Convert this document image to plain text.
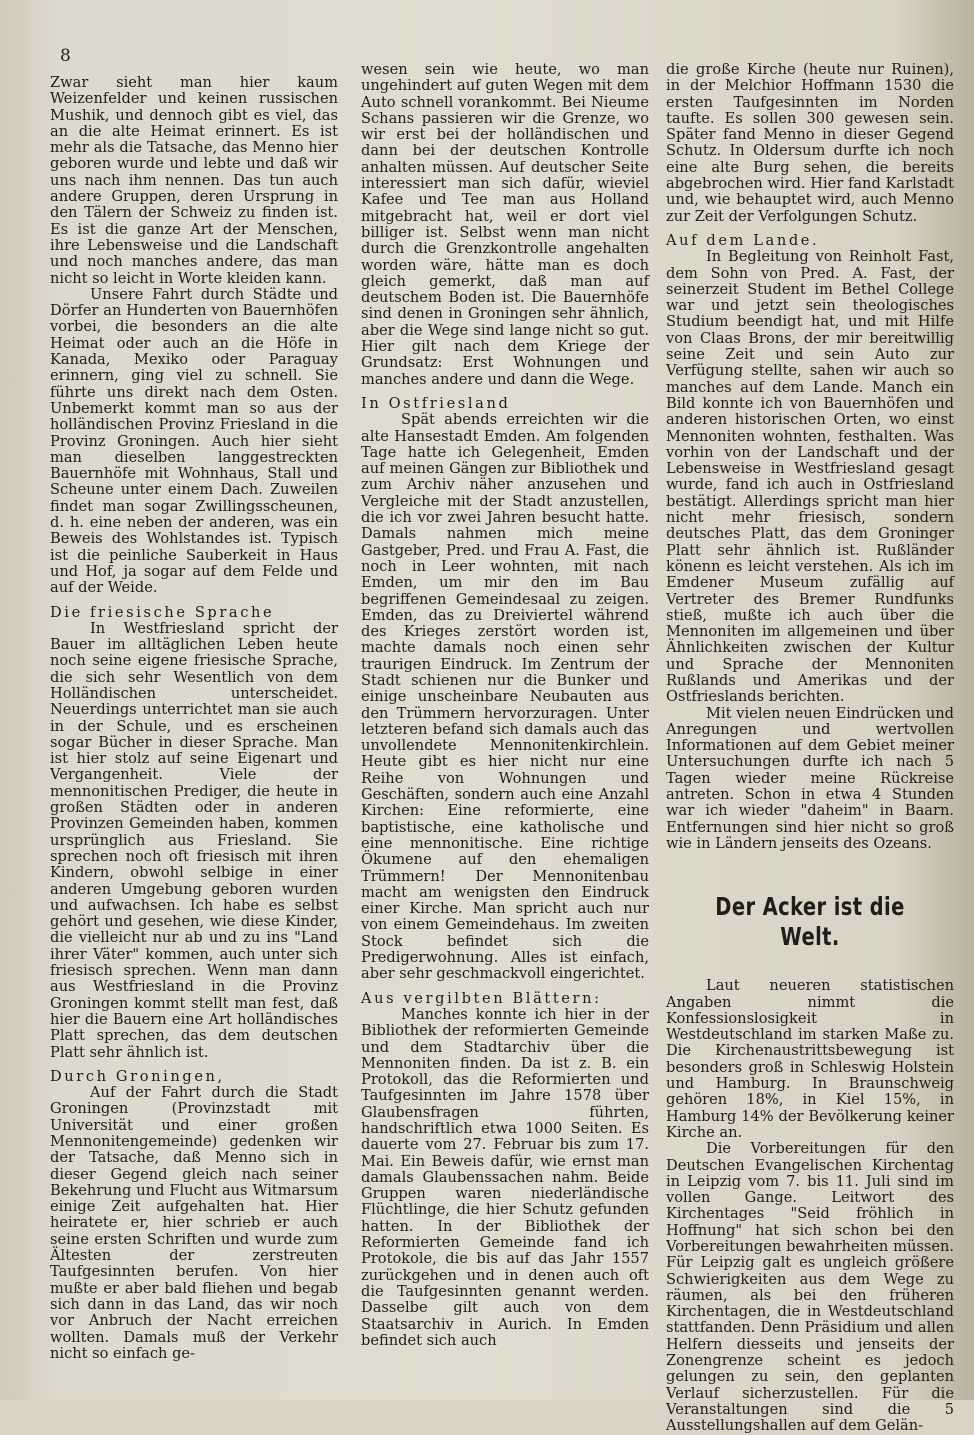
8

Zwar sieht man hier kaum Weizenfelder und keinen russischen Mushik, und dennoch gibt es viel, das an die alte Heimat erinnert. Es ist mehr als die Tatsache, das Menno hier geboren wurde und lebte und daß wir uns nach ihm nennen. Das tun auch andere Gruppen, deren Ursprung in den Tälern der Schweiz zu finden ist. Es ist die ganze Art der Menschen, ihre Lebensweise und die Landschaft und noch manches andere, das man nicht so leicht in Worte kleiden kann.

Unsere Fahrt durch Städte und Dörfer an Hunderten von Bauernhöfen vorbei, die besonders an die alte Heimat oder auch an die Höfe in Kanada, Mexiko oder Paraguay erinnern, ging viel zu schnell. Sie führte uns direkt nach dem Osten. Unbemerkt kommt man so aus der holländischen Provinz Friesland in die Provinz Groningen. Auch hier sieht man dieselben langgestreckten Bauernhöfe mit Wohnhaus, Stall und Scheune unter einem Dach. Zuweilen findet man sogar Zwillingsscheunen, d. h. eine neben der anderen, was ein Beweis des Wohlstandes ist. Typisch ist die peinliche Sauberkeit in Haus und Hof, ja sogar auf dem Felde und auf der Weide.

Die friesische Sprache

In Westfriesland spricht der Bauer im alltäglichen Leben heute noch seine eigene friesische Sprache, die sich sehr Wesentlich von dem Holländischen unterscheidet. Neuerdings unterrichtet man sie auch in der Schule, und es erscheinen sogar Bücher in dieser Sprache. Man ist hier stolz auf seine Eigenart und Vergangenheit. Viele der mennonitischen Prediger, die heute in großen Städten oder in anderen Provinzen Gemeinden haben, kommen ursprünglich aus Friesland. Sie sprechen noch oft friesisch mit ihren Kindern, obwohl selbige in einer anderen Umgebung geboren wurden und aufwachsen. Ich habe es selbst gehört und gesehen, wie diese Kinder, die vielleicht nur ab und zu ins "Land ihrer Väter" kommen, auch unter sich friesisch sprechen. Wenn man dann aus Westfriesland in die Provinz Groningen kommt stellt man fest, daß hier die Bauern eine Art holländisches Platt sprechen, das dem deutschen Platt sehr ähnlich ist.

Durch Groningen,

Auf der Fahrt durch die Stadt Groningen (Provinzstadt mit Universität und einer großen Mennonitengemeinde) gedenken wir der Tatsache, daß Menno sich in dieser Gegend gleich nach seiner Bekehrung und Flucht aus Witmarsum einige Zeit aufgehalten hat. Hier heiratete er, hier schrieb er auch seine ersten Schriften und wurde zum Ältesten der zerstreuten Taufgesinnten berufen. Von hier mußte er aber bald fliehen und begab sich dann in das Land, das wir noch vor Anbruch der Nacht erreichen wollten. Damals muß der Verkehr nicht so einfach ge-

wesen sein wie heute, wo man ungehindert auf guten Wegen mit dem Auto schnell vorankommt. Bei Nieume Schans passieren wir die Grenze, wo wir erst bei der holländischen und dann bei der deutschen Kontrolle anhalten müssen. Auf deutscher Seite interessiert man sich dafür, wieviel Kafee und Tee man aus Holland mitgebracht hat, weil er dort viel billiger ist. Selbst wenn man nicht durch die Grenzkontrolle angehalten worden wäre, hätte man es doch gleich gemerkt, daß man auf deutschem Boden ist. Die Bauernhöfe sind denen in Groningen sehr ähnlich, aber die Wege sind lange nicht so gut. Hier gilt nach dem Kriege der Grundsatz: Erst Wohnungen und manches andere und dann die Wege.

In Ostfriesland

Spät abends erreichten wir die alte Hansestadt Emden. Am folgenden Tage hatte ich Gelegenheit, Emden auf meinen Gängen zur Bibliothek und zum Archiv näher anzusehen und Vergleiche mit der Stadt anzustellen, die ich vor zwei Jahren besucht hatte. Damals nahmen mich meine Gastgeber, Pred. und Frau A. Fast, die noch in Leer wohnten, mit nach Emden, um mir den im Bau begriffenen Gemeindesaal zu zeigen. Emden, das zu Dreiviertel während des Krieges zerstört worden ist, machte damals noch einen sehr traurigen Eindruck. Im Zentrum der Stadt schienen nur die Bunker und einige unscheinbare Neubauten aus den Trümmern hervorzuragen. Unter letzteren befand sich damals auch das unvollendete Mennonitenkirchlein. Heute gibt es hier nicht nur eine Reihe von Wohnungen und Geschäften, sondern auch eine Anzahl Kirchen: Eine reformierte, eine baptistische, eine katholische und eine mennonitische. Eine richtige Ökumene auf den ehemaligen Trümmern! Der Mennonitenbau macht am wenigsten den Eindruck einer Kirche. Man spricht auch nur von einem Gemeindehaus. Im zweiten Stock befindet sich die Predigerwohnung. Alles ist einfach, aber sehr geschmackvoll eingerichtet.

Aus vergilbten Blättern:

Manches konnte ich hier in der Bibliothek der reformierten Gemeinde und dem Stadtarchiv über die Mennoniten finden. Da ist z. B. ein Protokoll, das die Reformierten und Taufgesinnten im Jahre 1578 über Glaubensfragen führten, handschriftlich etwa 1000 Seiten. Es dauerte vom 27. Februar bis zum 17. Mai. Ein Beweis dafür, wie ernst man damals Glaubenssachen nahm. Beide Gruppen waren niederländische Flüchtlinge, die hier Schutz gefunden hatten. In der Bibliothek der Reformierten Gemeinde fand ich Protokole, die bis auf das Jahr 1557 zurückgehen und in denen auch oft die Taufgesinnten genannt werden. Dasselbe gilt auch von dem Staatsarchiv in Aurich. In Emden befindet sich auch

die große Kirche (heute nur Ruinen), in der Melchior Hoffmann 1530 die ersten Taufgesinnten im Norden taufte. Es sollen 300 gewesen sein. Später fand Menno in dieser Gegend Schutz. In Oldersum durfte ich noch eine alte Burg sehen, die bereits abgebrochen wird. Hier fand Karlstadt und, wie behauptet wird, auch Menno zur Zeit der Verfolgungen Schutz.

Auf dem Lande.

In Begleitung von Reinholt Fast, dem Sohn von Pred. A. Fast, der seinerzeit Student im Bethel College war und jetzt sein theologisches Studium beendigt hat, und mit Hilfe von Claas Brons, der mir bereitwillig seine Zeit und sein Auto zur Verfügung stellte, sahen wir auch so manches auf dem Lande. Manch ein Bild konnte ich von Bauernhöfen und anderen historischen Orten, wo einst Mennoniten wohnten, festhalten. Was vorhin von der Landschaft und der Lebensweise in Westfriesland gesagt wurde, fand ich auch in Ostfriesland bestätigt. Allerdings spricht man hier nicht mehr friesisch, sondern deutsches Platt, das dem Groninger Platt sehr ähnlich ist. Rußländer könenn es leicht verstehen. Als ich im Emdener Museum zufällig auf Vertreter des Bremer Rundfunks stieß, mußte ich auch über die Mennoniten im allgemeinen und über Ähnlichkeiten zwischen der Kultur und Sprache der Mennoniten Rußlands und Amerikas und der Ostfrieslands berichten.

Mit vielen neuen Eindrücken und Anregungen und wertvollen Informationen auf dem Gebiet meiner Untersuchungen durfte ich nach 5 Tagen wieder meine Rückreise antreten. Schon in etwa 4 Stunden war ich wieder "daheim" in Baarn. Entfernungen sind hier nicht so groß wie in Ländern jenseits des Ozeans.

Der Acker ist die Welt.

Laut neueren statistischen Angaben nimmt die Konfessionslosigkeit in Westdeutschland im starken Maße zu. Die Kirchenaustrittsbewegung ist besonders groß in Schleswig Holstein und Hamburg. In Braunschweig gehören 18%, in Kiel 15%, in Hamburg 14% der Bevölkerung keiner Kirche an.

Die Vorbereitungen für den Deutschen Evangelischen Kirchentag in Leipzig vom 7. bis 11. Juli sind im vollen Gange. Leitwort des Kirchentages "Seid fröhlich in Hoffnung" hat sich schon bei den Vorbereitungen bewahrheiten müssen. Für Leipzig galt es ungleich größere Schwierigkeiten aus dem Wege zu räumen, als bei den früheren Kirchentagen, die in Westdeutschland stattfanden. Denn Präsidium und allen Helfern diesseits und jenseits der Zonengrenze scheint es jedoch gelungen zu sein, den geplanten Verlauf sicherzustellen. Für die Veranstaltungen sind die 5 Ausstellungshallen auf dem Gelän-
